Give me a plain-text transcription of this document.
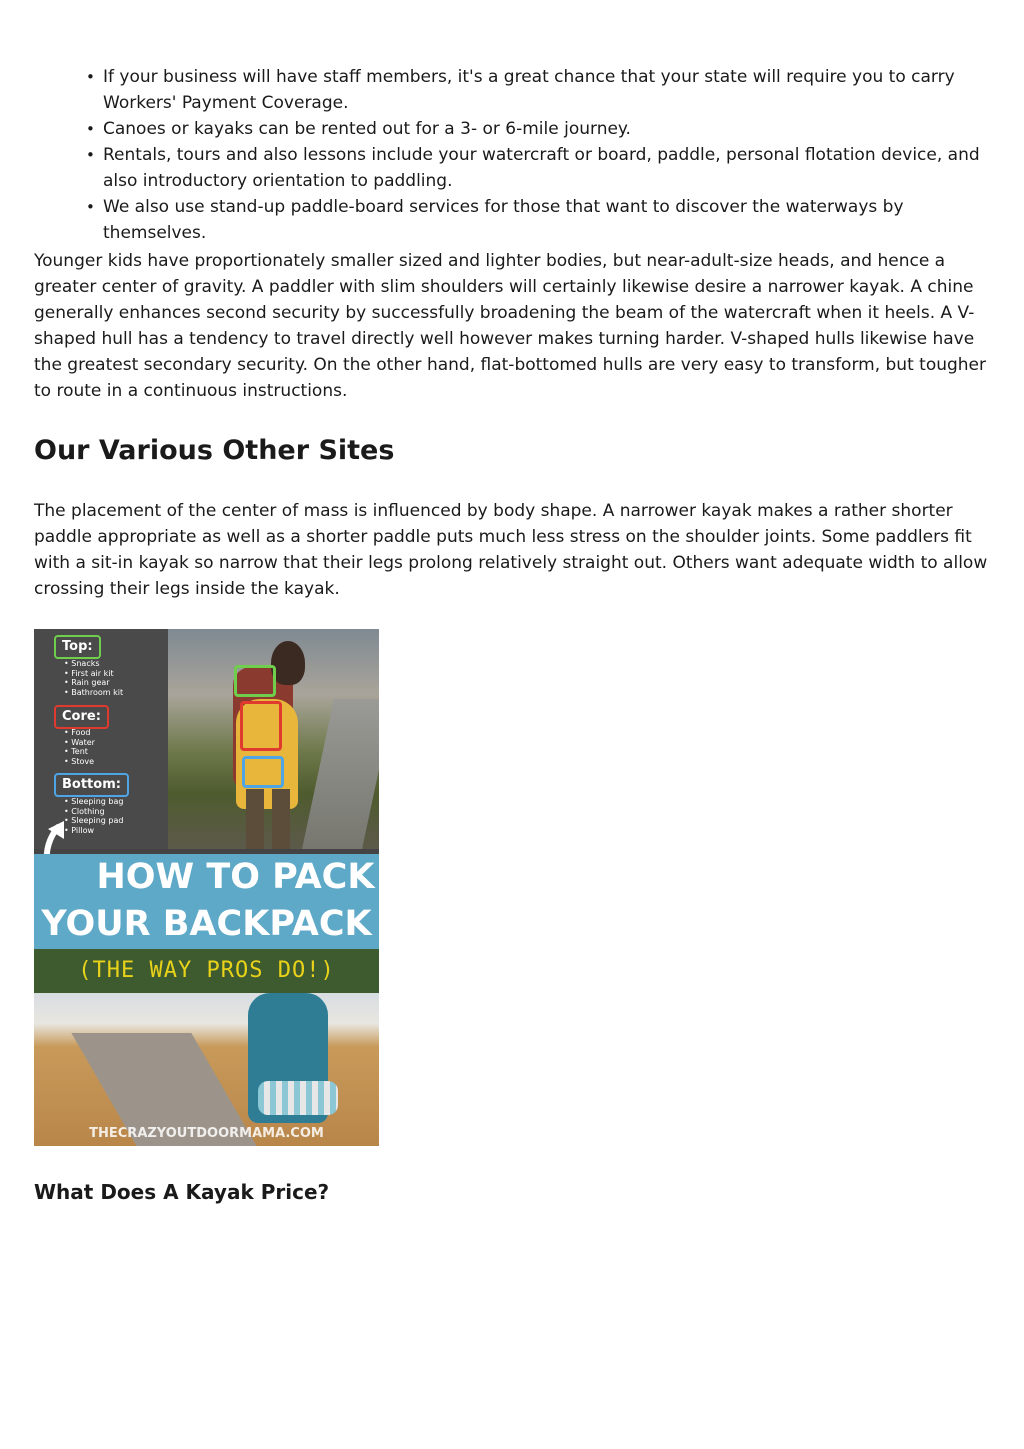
• If your business will have staff members, it's a great chance that your state will require you to carry Workers' Payment Coverage.
• Canoes or kayaks can be rented out for a 3- or 6-mile journey.
• Rentals, tours and also lessons include your watercraft or board, paddle, personal flotation device, and also introductory orientation to paddling.
• We also use stand-up paddle-board services for those that want to discover the waterways by themselves.

Younger kids have proportionately smaller sized and lighter bodies, but near-adult-size heads, and hence a greater center of gravity. A paddler with slim shoulders will certainly likewise desire a narrower kayak. A chine generally enhances second security by successfully broadening the beam of the watercraft when it heels. A V-shaped hull has a tendency to travel directly well however makes turning harder. V-shaped hulls likewise have the greatest secondary security. On the other hand, flat-bottomed hulls are very easy to transform, but tougher to route in a continuous instructions.

Our Various Other Sites

The placement of the center of mass is influenced by body shape. A narrower kayak makes a rather shorter paddle appropriate as well as a shorter paddle puts much less stress on the shoulder joints. Some paddlers fit with a sit-in kayak so narrow that their legs prolong relatively straight out. Others want adequate width to allow crossing their legs inside the kayak.

Top:
• Snacks
• First air kit
• Rain gear
• Bathroom kit
Core:
• Food
• Water
• Tent
• Stove
Bottom:
• Sleeping bag
• Clothing
• Sleeping pad
• Pillow
HOW TO PACK
YOUR BACKPACK
(THE WAY PROS DO!)
THECRAZYOUTDOORMAMA.COM
What Does A Kayak Price?
